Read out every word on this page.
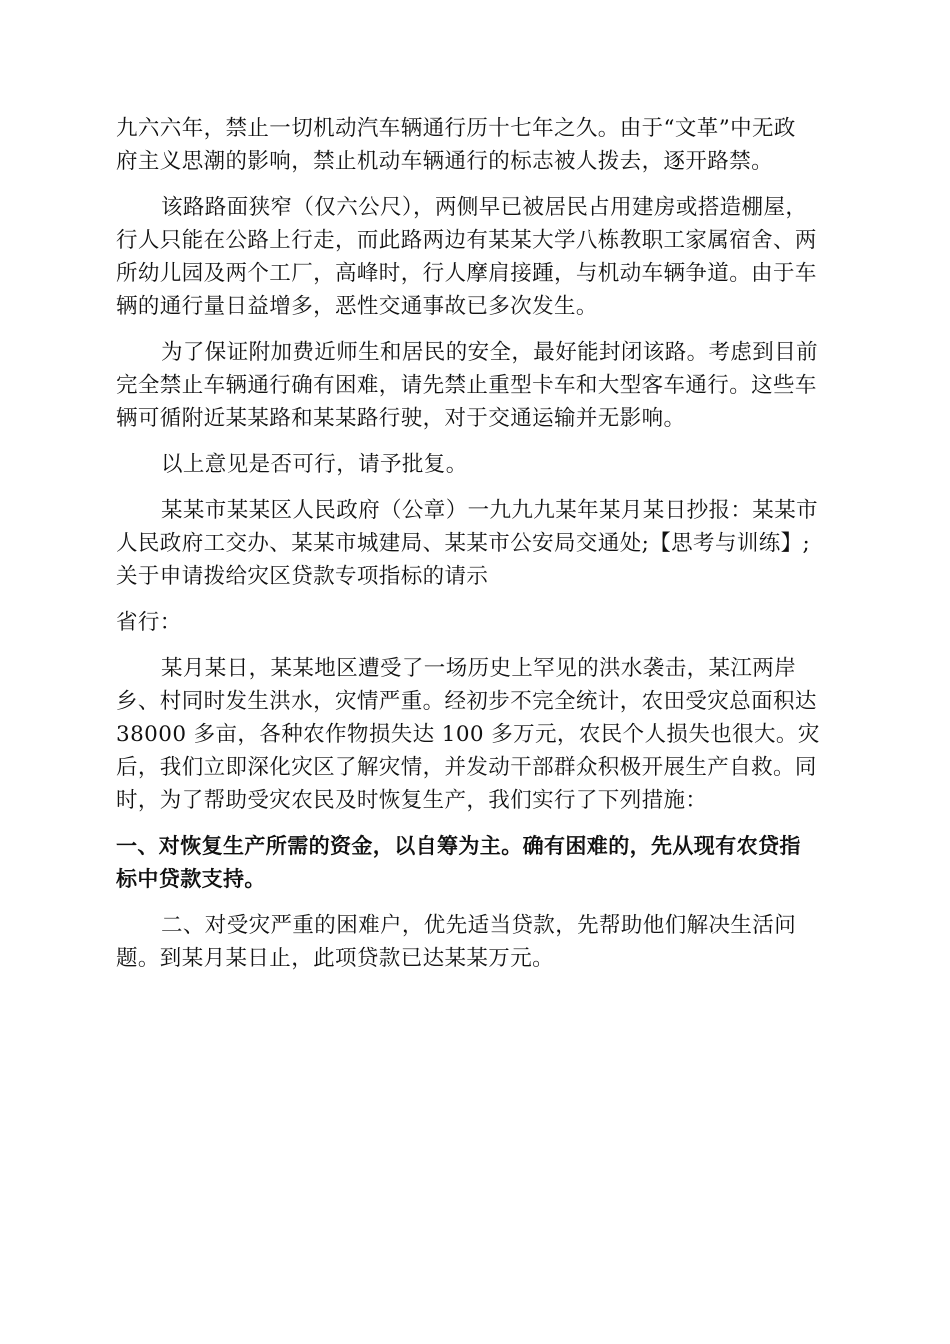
九六六年，禁止一切机动汽车辆通行历十七年之久。由于“文革”中无政
府主义思潮的影响，禁止机动车辆通行的标志被人拨去，逐开路禁。
该路路面狭窄（仅六公尺），两侧早已被居民占用建房或搭造棚屋，
行人只能在公路上行走，而此路两边有某某大学八栋教职工家属宿舍、两
所幼儿园及两个工厂，高峰时，行人摩肩接踵，与机动车辆争道。由于车
辆的通行量日益增多，恶性交通事故已多次发生。
为了保证附加费近师生和居民的安全，最好能封闭该路。考虑到目前
完全禁止车辆通行确有困难，请先禁止重型卡车和大型客车通行。这些车
辆可循附近某某路和某某路行驶，对于交通运输并无影响。
以上意见是否可行，请予批复。
某某市某某区人民政府（公章）一九九九某年某月某日抄报：某某市
人民政府工交办、某某市城建局、某某市公安局交通处;【思考与训练】;
关于申请拨给灾区贷款专项指标的请示
省行：
某月某日，某某地区遭受了一场历史上罕见的洪水袭击，某江两岸
乡、村同时发生洪水，灾情严重。经初步不完全统计，农田受灾总面积达
38000 多亩，各种农作物损失达 100 多万元，农民个人损失也很大。灾
后，我们立即深化灾区了解灾情，并发动干部群众积极开展生产自救。同
时，为了帮助受灾农民及时恢复生产，我们实行了下列措施：
一、对恢复生产所需的资金，以自筹为主。确有困难的，先从现有农贷指
标中贷款支持。
二、对受灾严重的困难户，优先适当贷款，先帮助他们解决生活问
题。到某月某日止，此项贷款已达某某万元。
